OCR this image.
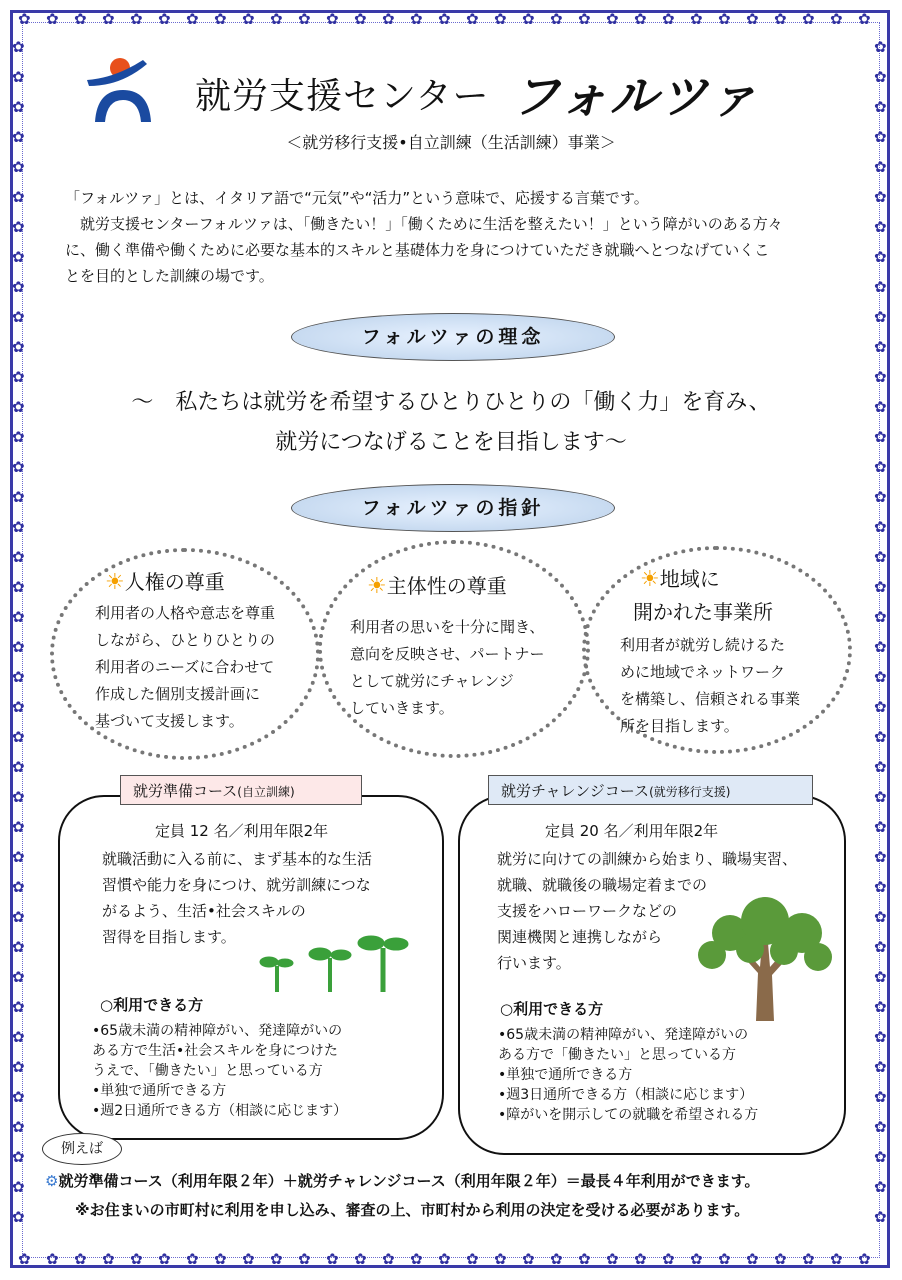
✿
✿
✿
✿
✿
✿
✿
✿
✿
✿
✿
✿
✿
✿
✿
✿
✿
✿
✿
✿
✿
✿
✿
✿
✿
✿
✿
✿
✿
✿
✿
✿
✿
✿
✿
✿
✿
✿
✿
✿
✿
✿
✿
✿
✿
✿
✿
✿
✿
✿
✿
✿
✿
✿
✿
✿
✿
✿
✿
✿
✿
✿
✿	✿
✿	✿
✿	✿
✿	✿
✿	✿
✿	✿
✿	✿
✿	✿
✿	✿
✿	✿
✿	✿
✿	✿
✿	✿
✿	✿
✿	✿
✿	✿
✿	✿
✿	✿
✿	✿
✿	✿
✿	✿
✿	✿
✿	✿
✿	✿
✿	✿
✿	✿
✿	✿
✿	✿
✿	✿
✿	✿
✿	✿
✿	✿
✿	✿
✿	✿
✿	✿
✿	✿
✿	✿
✿	✿
✿	✿
✿	✿
就労支援センター フォルツァ
＜就労移行支援•自立訓練（生活訓練）事業＞

「フォルツァ」とは、イタリア語で“元気”や“活力”という意味で、応援する言葉です。

　就労支援センターフォルツァは、「働きたい！」「働くために生活を整えたい！」という障がいのある方々

に、働く準備や働くために必要な基本的スキルと基礎体力を身につけていただき就職へとつなげていくこ

とを目的とした訓練の場です。

フォルツァの理念
～　私たちは就労を希望するひとりひとりの「働く力」を育み、
就労につなげることを目指します～
フォルツァの指針
☀人権の尊重
利用者の人格や意志を尊重
しながら、ひとりひとりの
利用者のニーズに合わせて
作成した個別支援計画に
基づいて支援します。
☀主体性の尊重
利用者の思いを十分に聞き、
意向を反映させ、パートナー
として就労にチャレンジ
していきます。
☀地域に
開かれた事業所
利用者が就労し続けるた
めに地域でネットワーク
を構築し、信頼される事業
所を目指します。
就労準備コース(自立訓練)
定員 12 名／利用年限2年
就職活動に入る前に、まず基本的な生活
習慣や能力を身につけ、就労訓練につな
がるよう、生活•社会スキルの
習得を目指します。
○利用できる方
•65歳未満の精神障がい、発達障がいの
ある方で生活•社会スキルを身につけた
うえで、「働きたい」と思っている方
•単独で通所できる方
•週2日通所できる方（相談に応じます）
就労チャレンジコース(就労移行支援)
定員 20 名／利用年限2年
就労に向けての訓練から始まり、職場実習、
就職、就職後の職場定着までの
支援をハローワークなどの
関連機関と連携しながら
行います。
○利用できる方
•65歳未満の精神障がい、発達障がいの
ある方で「働きたい」と思っている方
•単独で通所できる方
•週3日通所できる方（相談に応じます）
•障がいを開示しての就職を希望される方
例えば
⚙就労準備コース（利用年限２年）＋就労チャレンジコース（利用年限２年）＝最長４年利用ができます。
※お住まいの市町村に利用を申し込み、審査の上、市町村から利用の決定を受ける必要があります。
